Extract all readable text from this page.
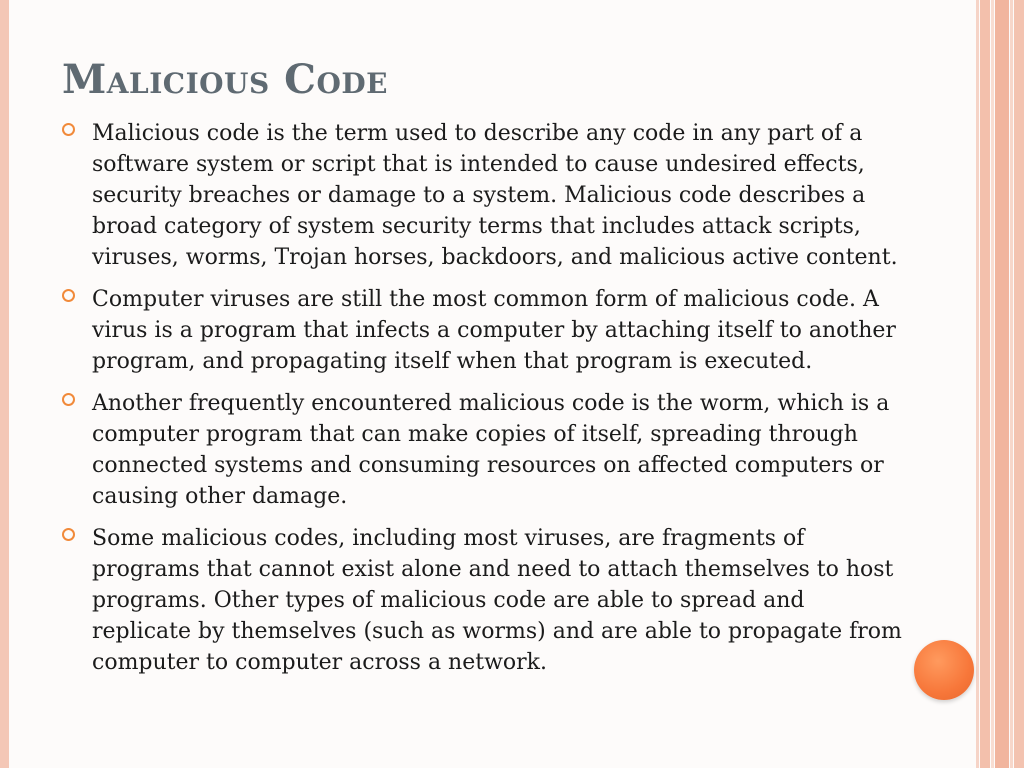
Malicious Code
Malicious code is the term used to describe any code in any part of a software system or script that is intended to cause undesired effects, security breaches or damage to a system. Malicious code describes a broad category of system security terms that includes attack scripts, viruses, worms, Trojan horses, backdoors, and malicious active content.
Computer viruses are still the most common form of malicious code. A virus is a program that infects a computer by attaching itself to another program, and propagating itself when that program is executed.
Another frequently encountered malicious code is the worm, which is a computer program that can make copies of itself, spreading through connected systems and consuming resources on affected computers or causing other damage.
Some malicious codes, including most viruses, are fragments of programs that cannot exist alone and need to attach themselves to host programs. Other types of malicious code are able to spread and replicate by themselves (such as worms) and are able to propagate from computer to computer across a network.
